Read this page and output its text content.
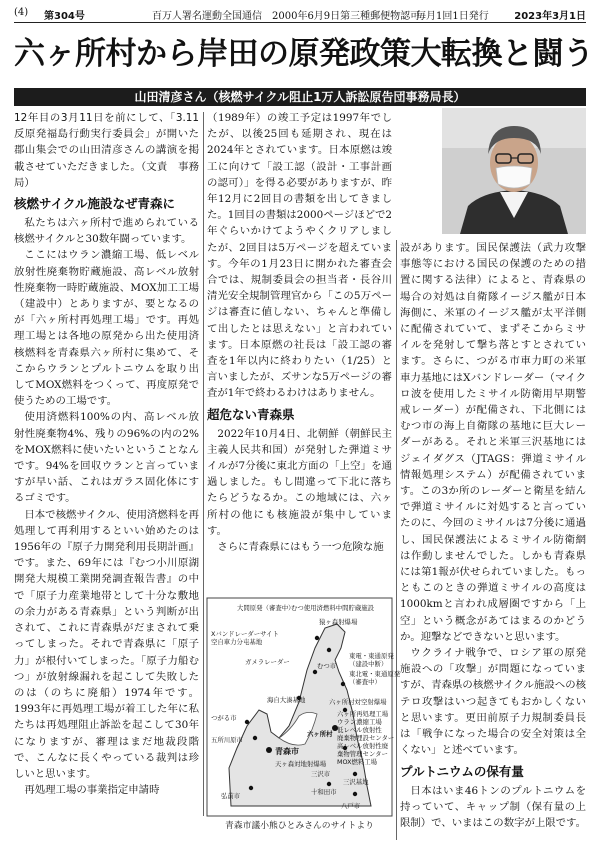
(4) 第304号	百万人署名運動全国通信 2000年6月9日第三種郵便物認可
毎月1回1日発行	2023年3月1日
六ヶ所村から岸田の原発政策大転換と闘う
山田清彦さん（核燃サイクル阻止1万人訴訟原告団事務局長）

12年目の3月11日を前にして、「3.11反原発福島行動実行委員会」が開いた郡山集会での山田清彦さんの講演を掲載させていただきました。（文責　事務局）

核燃サイクル施設なぜ青森に

私たちは六ヶ所村で進められている核燃サイクルと30数年闘っています。

ここにはウラン濃縮工場、低レベル放射性廃棄物貯蔵施設、高レベル放射性廃棄物一時貯蔵施設、MOX加工工場（建設中）とありますが、要となるのが「六ヶ所村再処理工場」です。再処理工場とは各地の原発から出た使用済核燃料を青森県六ヶ所村に集めて、そこからウランとプルトニウムを取り出してMOX燃料をつくって、再度原発で使うための工場です。

使用済燃料100%の内、高レベル放射性廃棄物4%、残りの96%の内の2%をMOX燃料に使いたいということなんです。94%を回収ウランと言っていますが早い話、これはガラス固化体にするゴミです。

日本で核燃サイクル、使用済燃料を再処理して再利用するといい始めたのは1956年の『原子力開発利用長期計画』です。また、69年には『むつ小川原湖開発大規模工業開発調査報告書』の中で「原子力産業地帯として十分な敷地の余力がある青森県」という判断が出されて、これに青森県がだまされて乗ってしまった。それで青森県に「原子力」が根付いてしまった。「原子力船むつ」が放射線漏れを起こして失敗したのは（のちに廃船）1974年です。1993年に再処理工場が着工した年に私たちは再処理阻止訴訟を起こして30年になりますが、審理はまだ地裁段階で、こんなに長くやっている裁判は珍しいと思います。

再処理工場の事業指定申請時

（1989年）の竣工予定は1997年でしたが、以後25回も延期され、現在は2024年とされています。日本原燃は竣工に向けて「設工認（設計・工事計画の認可）」を得る必要がありますが、昨年12月に2回目の書類を出してきました。1回目の書類は2000ページほどで2年ぐらいかけてようやくクリアしましたが、2回目は5万ページを超えています。今年の1月23日に開かれた審査会合では、規制委員会の担当者・長谷川清光安全規制管理官から「この5万ページは審査に値しない、ちゃんと準備して出したとは思えない」と言われています。日本原燃の社長は「設工認の審査を1年以内に終わりたい（1/25）と言いましたが、ズサンな5万ページの審査が1年で終わるわけはありません。

超危ない青森県

2022年10月4日、北朝鮮（朝鮮民主主義人民共和国）が発射した弾道ミサイルが7分後に東北方面の「上空」を通過しました。もし間違って下北に落ちたらどうなるか。この地域には、六ヶ所村の他にも核施設が集中しています。

さらに青森県にはもう一つ危険な施

大間原発（審査中）
むつ使用済燃料中間貯蔵施設
猿ヶ森射爆場
Xバンドレーダーサイト
空自車力分屯基地
ガメラレーダー	むつ市
東電・東通原発
（建設中断）
東北電・東通原発
（審査中）
海自大湊基地	六ヶ所村対空射爆場
六ヶ所再処理工場
ウラン濃縮工場
低レベル放射性
廃棄物埋設センター
高レベル放射性廃
棄物管理センター
MOX燃料工場
つがる市
五所川原市
青森市
六ヶ所村
天ヶ森対地射爆場
三沢基地
三沢市
弘前市	十和田市
八戸市
青森市議小熊ひとみさんのサイトより

設があります。国民保護法（武力攻撃事態等における国民の保護のための措置に関する法律）によると、青森県の場合の対処は自衛隊イージス艦が日本海側に、米軍のイージス艦が太平洋側に配備されていて、まずそこからミサイルを発射して撃ち落とすとされています。さらに、つがる市車力町の米軍車力基地にはXバンドレーダー（マイクロ波を使用したミサイル防衛用早期警戒レーダー）が配備され、下北側にはむつ市の海上自衛隊の基地に巨大レーダーがある。それと米軍三沢基地にはジェイダグス（JTAGS：弾道ミサイル情報処理システム）が配備されています。この3か所のレーダーと衛星を結んで弾道ミサイルに対処すると言っていたのに、今回のミサイルは7分後に通過し、国民保護法によるミサイル防衛網は作動しませんでした。しかも青森県には第1報が伏せられていました。もっともこのときの弾道ミサイルの高度は1000kmと言われ成層圏ですから「上空」という概念があてはまるのかどうか。迎撃などできないと思います。

ウクライナ戦争で、ロシア軍の原発施設への「攻撃」が問題になっていますが、青森県の核燃サイクル施設への核テロ攻撃はいつ起きてもおかしくないと思います。更田前原子力規制委員長は「戦争になった場合の安全対策は全くない」と述べています。

プルトニウムの保有量

日本はいま46トンのプルトニウムを持っていて、キャップ制（保有量の上限制）で、いまはこの数字が上限です。
